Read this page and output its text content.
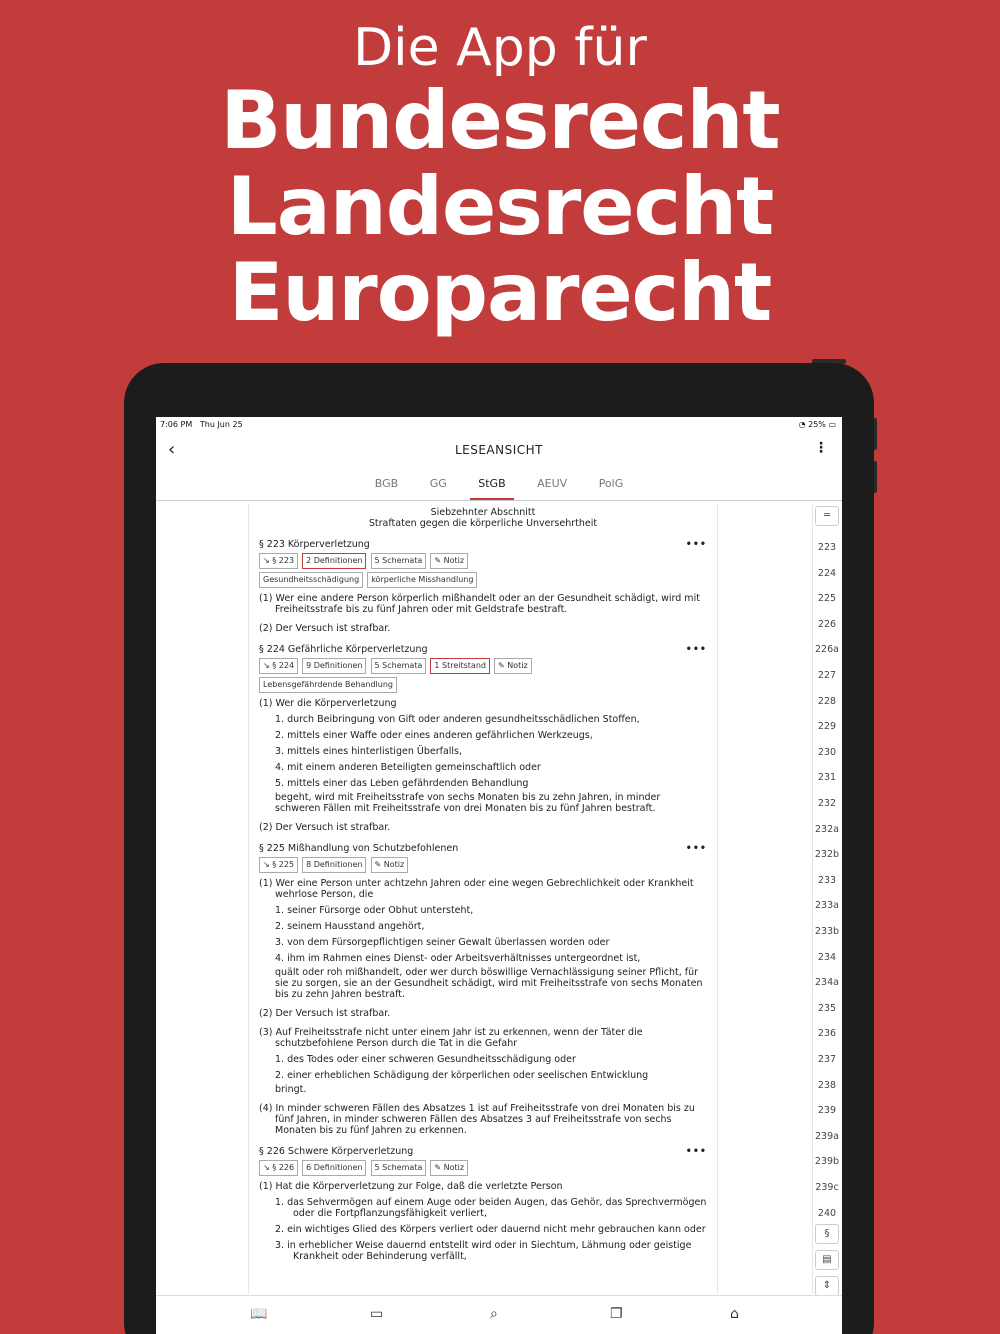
Die App für
Bundesrecht
Landesrecht
Europarecht
7:06 PM Thu Jun 25	◔ 25% ▭
‹	LESEANSICHT	⋮
BGB	GG	StGB	AEUV	PolG
Siebzehnter Abschnitt
Straftaten gegen die körperliche Unversehrtheit
§ 223 Körperverletzung	•••
↘ § 223 2 Definitionen 5 Schemata ✎ Notiz
Gesundheitsschädigung körperliche Misshandlung
(1) Wer eine andere Person körperlich mißhandelt oder an der Gesundheit schädigt, wird mit Freiheitsstrafe bis zu fünf Jahren oder mit Geldstrafe bestraft.
(2) Der Versuch ist strafbar.
§ 224 Gefährliche Körperverletzung	•••
↘ § 224 9 Definitionen 5 Schemata 1 Streitstand ✎ Notiz
Lebensgefährdende Behandlung
(1) Wer die Körperverletzung
1. durch Beibringung von Gift oder anderen gesundheitsschädlichen Stoffen,
2. mittels einer Waffe oder eines anderen gefährlichen Werkzeugs,
3. mittels eines hinterlistigen Überfalls,
4. mit einem anderen Beteiligten gemeinschaftlich oder
5. mittels einer das Leben gefährdenden Behandlung
begeht, wird mit Freiheitsstrafe von sechs Monaten bis zu zehn Jahren, in minder schweren Fällen mit Freiheitsstrafe von drei Monaten bis zu fünf Jahren bestraft.
(2) Der Versuch ist strafbar.
§ 225 Mißhandlung von Schutzbefohlenen	•••
↘ § 225 8 Definitionen ✎ Notiz
(1) Wer eine Person unter achtzehn Jahren oder eine wegen Gebrechlichkeit oder Krankheit wehrlose Person, die
1. seiner Fürsorge oder Obhut untersteht,
2. seinem Hausstand angehört,
3. von dem Fürsorgepflichtigen seiner Gewalt überlassen worden oder
4. ihm im Rahmen eines Dienst- oder Arbeitsverhältnisses untergeordnet ist,
quält oder roh mißhandelt, oder wer durch böswillige Vernachlässigung seiner Pflicht, für sie zu sorgen, sie an der Gesundheit schädigt, wird mit Freiheitsstrafe von sechs Monaten bis zu zehn Jahren bestraft.
(2) Der Versuch ist strafbar.
(3) Auf Freiheitsstrafe nicht unter einem Jahr ist zu erkennen, wenn der Täter die schutzbefohlene Person durch die Tat in die Gefahr
1. des Todes oder einer schweren Gesundheitsschädigung oder
2. einer erheblichen Schädigung der körperlichen oder seelischen Entwicklung
bringt.
(4) In minder schweren Fällen des Absatzes 1 ist auf Freiheitsstrafe von drei Monaten bis zu fünf Jahren, in minder schweren Fällen des Absatzes 3 auf Freiheitsstrafe von sechs Monaten bis zu fünf Jahren zu erkennen.
§ 226 Schwere Körperverletzung	•••
↘ § 226 6 Definitionen 5 Schemata ✎ Notiz
(1) Hat die Körperverletzung zur Folge, daß die verletzte Person
1. das Sehvermögen auf einem Auge oder beiden Augen, das Gehör, das Sprechvermögen oder die Fortpflanzungsfähigkeit verliert,
2. ein wichtiges Glied des Körpers verliert oder dauernd nicht mehr gebrauchen kann oder
3. in erheblicher Weise dauernd entstellt wird oder in Siechtum, Lähmung oder geistige Krankheit oder Behinderung verfällt,
═
§
▤
⇕
223
224
225
226
226a
227
228
229
230
231
232
232a
232b
233
233a
233b
234
234a
235
236
237
238
239
239a
239b
239c
240
📖	▭	⌕	❐	⌂
